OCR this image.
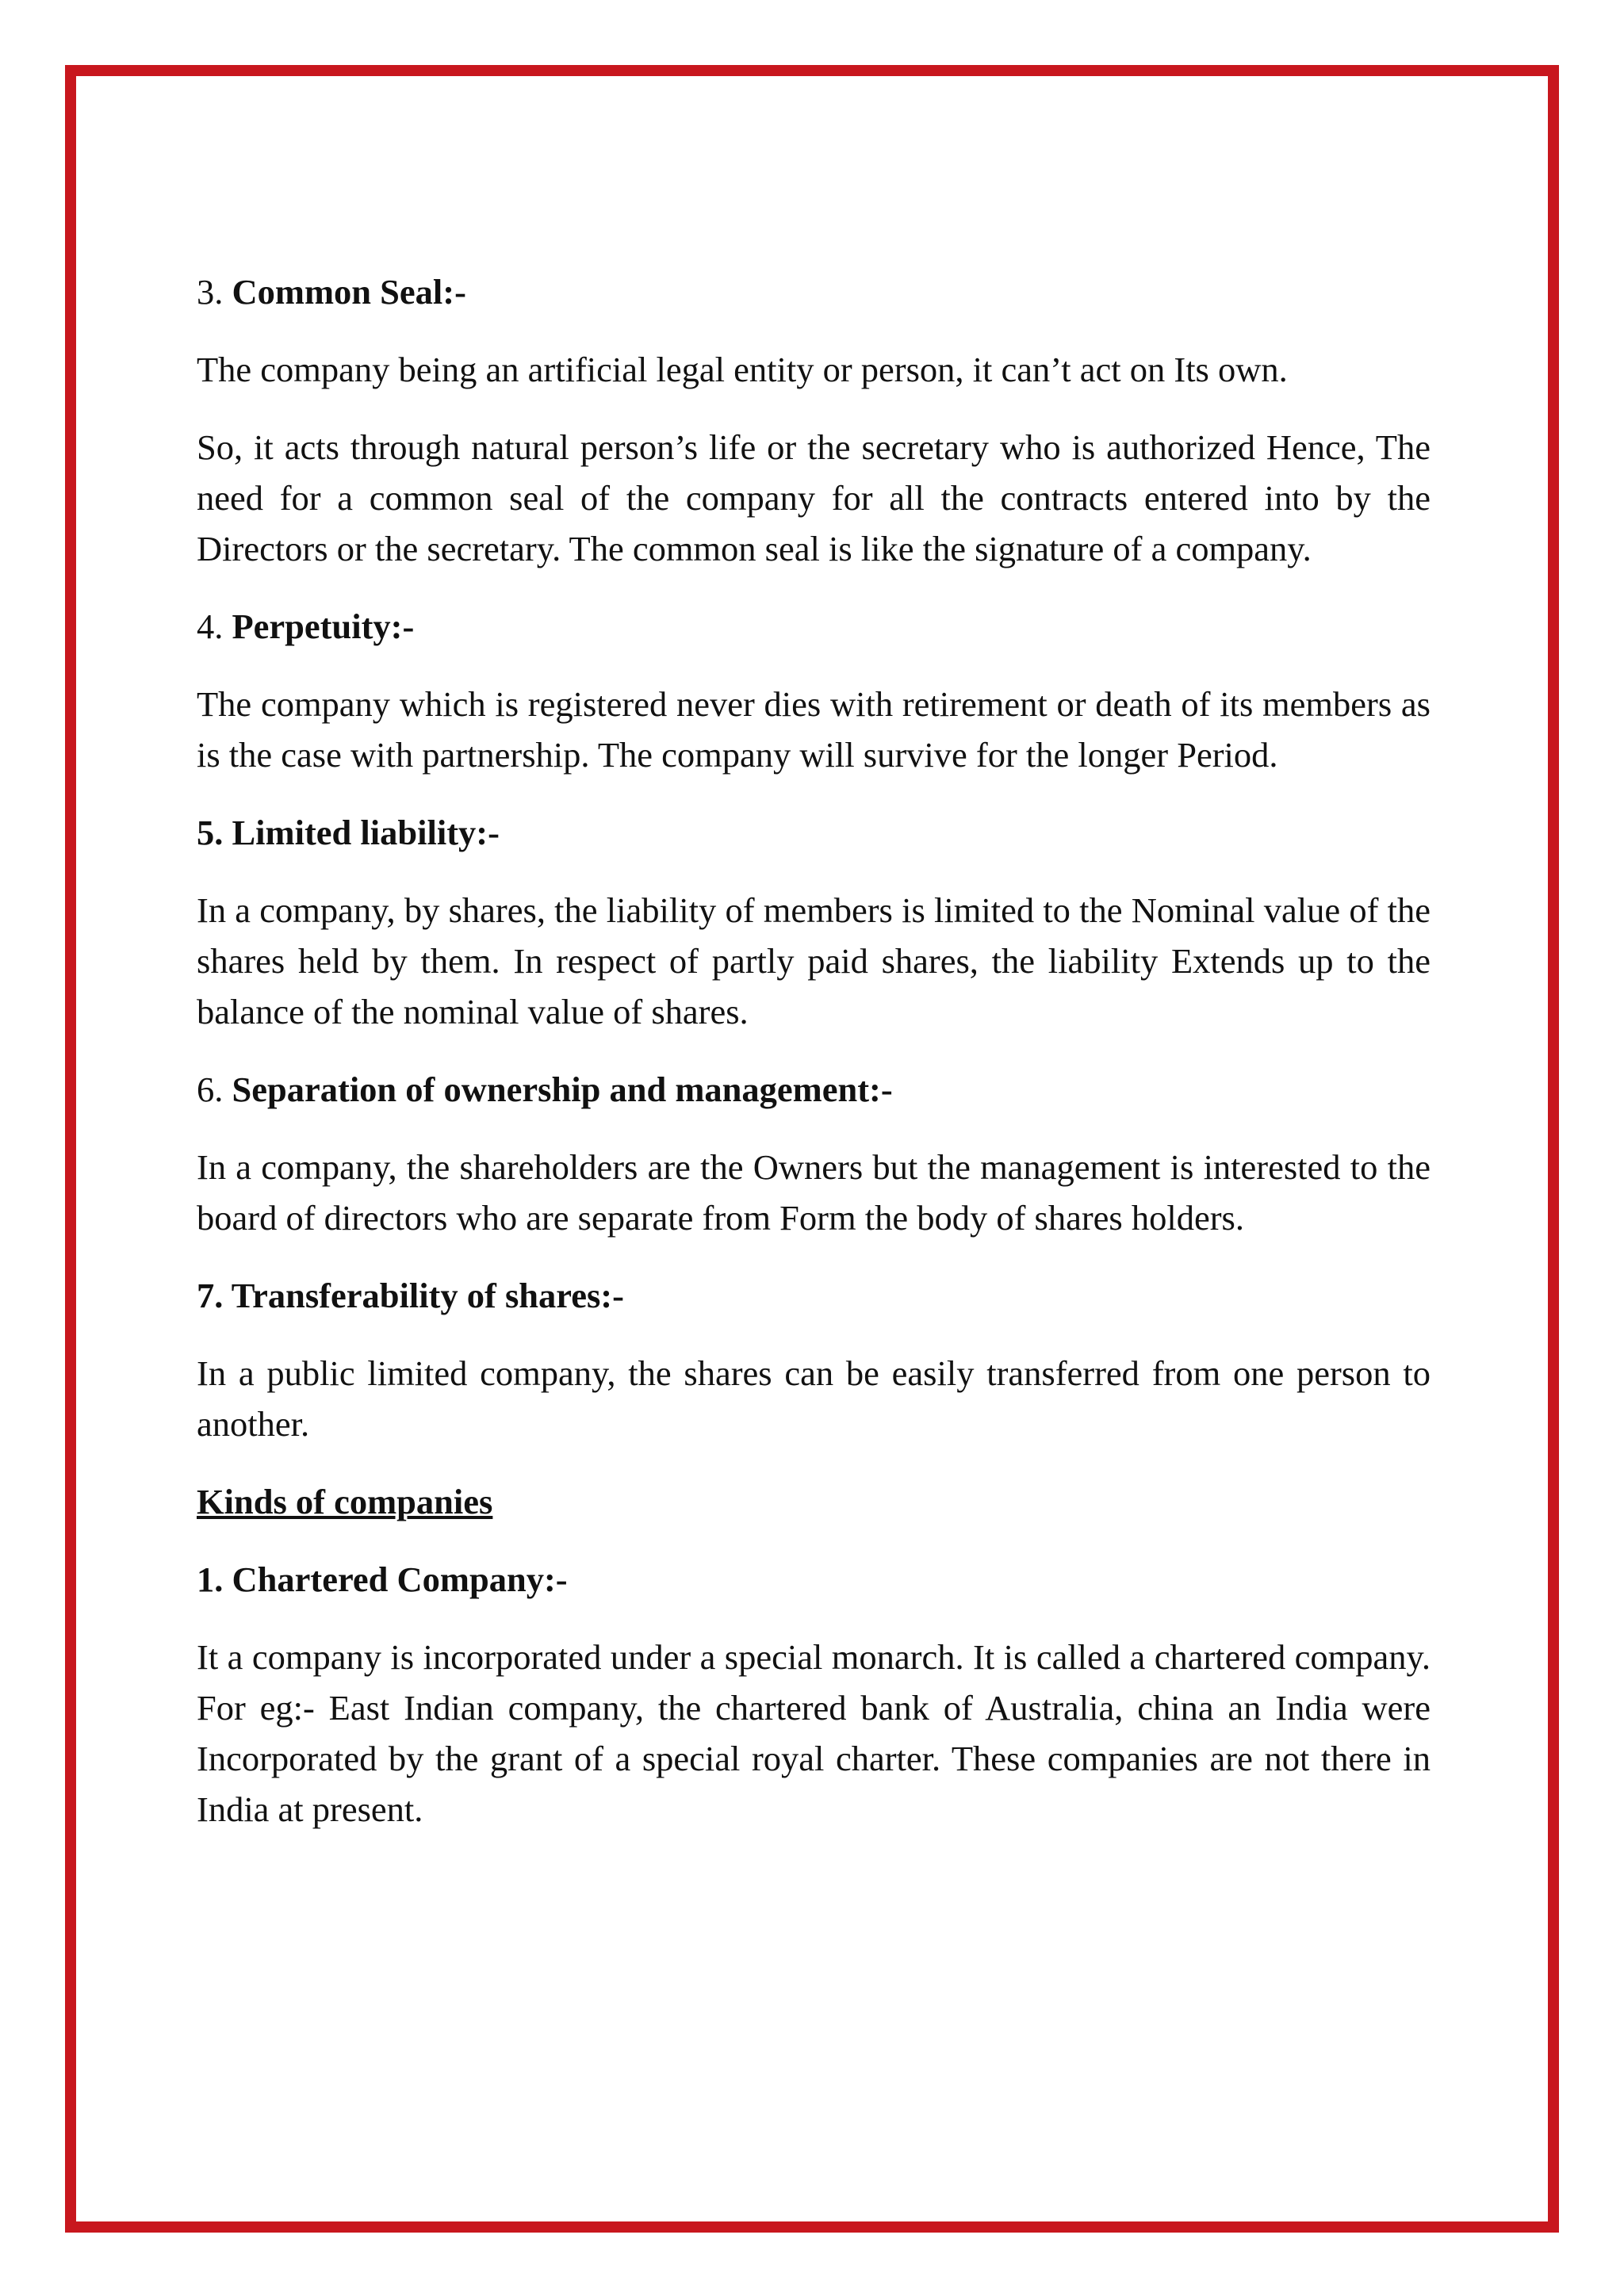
3. Common Seal:-

The company being an artificial legal entity or person, it can’t act on Its own.

So, it acts through natural person’s life or the secretary who is authorized Hence, The need for a common seal of the company for all the contracts entered into by the Directors or the secretary. The common seal is like the signature of a company.

4. Perpetuity:-

The company which is registered never dies with retirement or death of its members as is the case with partnership. The company will survive for the longer Period.

5. Limited liability:-

In a company, by shares, the liability of members is limited to the Nominal value of the shares held by them. In respect of partly paid shares, the liability Extends up to the balance of the nominal value of shares.

6. Separation of ownership and management:-

In a company, the shareholders are the Owners but the management is interested to the board of directors who are separate from Form the body of shares holders.

7. Transferability of shares:-

In a public limited company, the shares can be easily transferred from one person to another.

Kinds of companies
1. Chartered Company:-

It a company is incorporated under a special monarch. It is called a chartered company. For eg:- East Indian company, the chartered bank of Australia, china an India were Incorporated by the grant of a special royal charter. These companies are not there in India at present.
